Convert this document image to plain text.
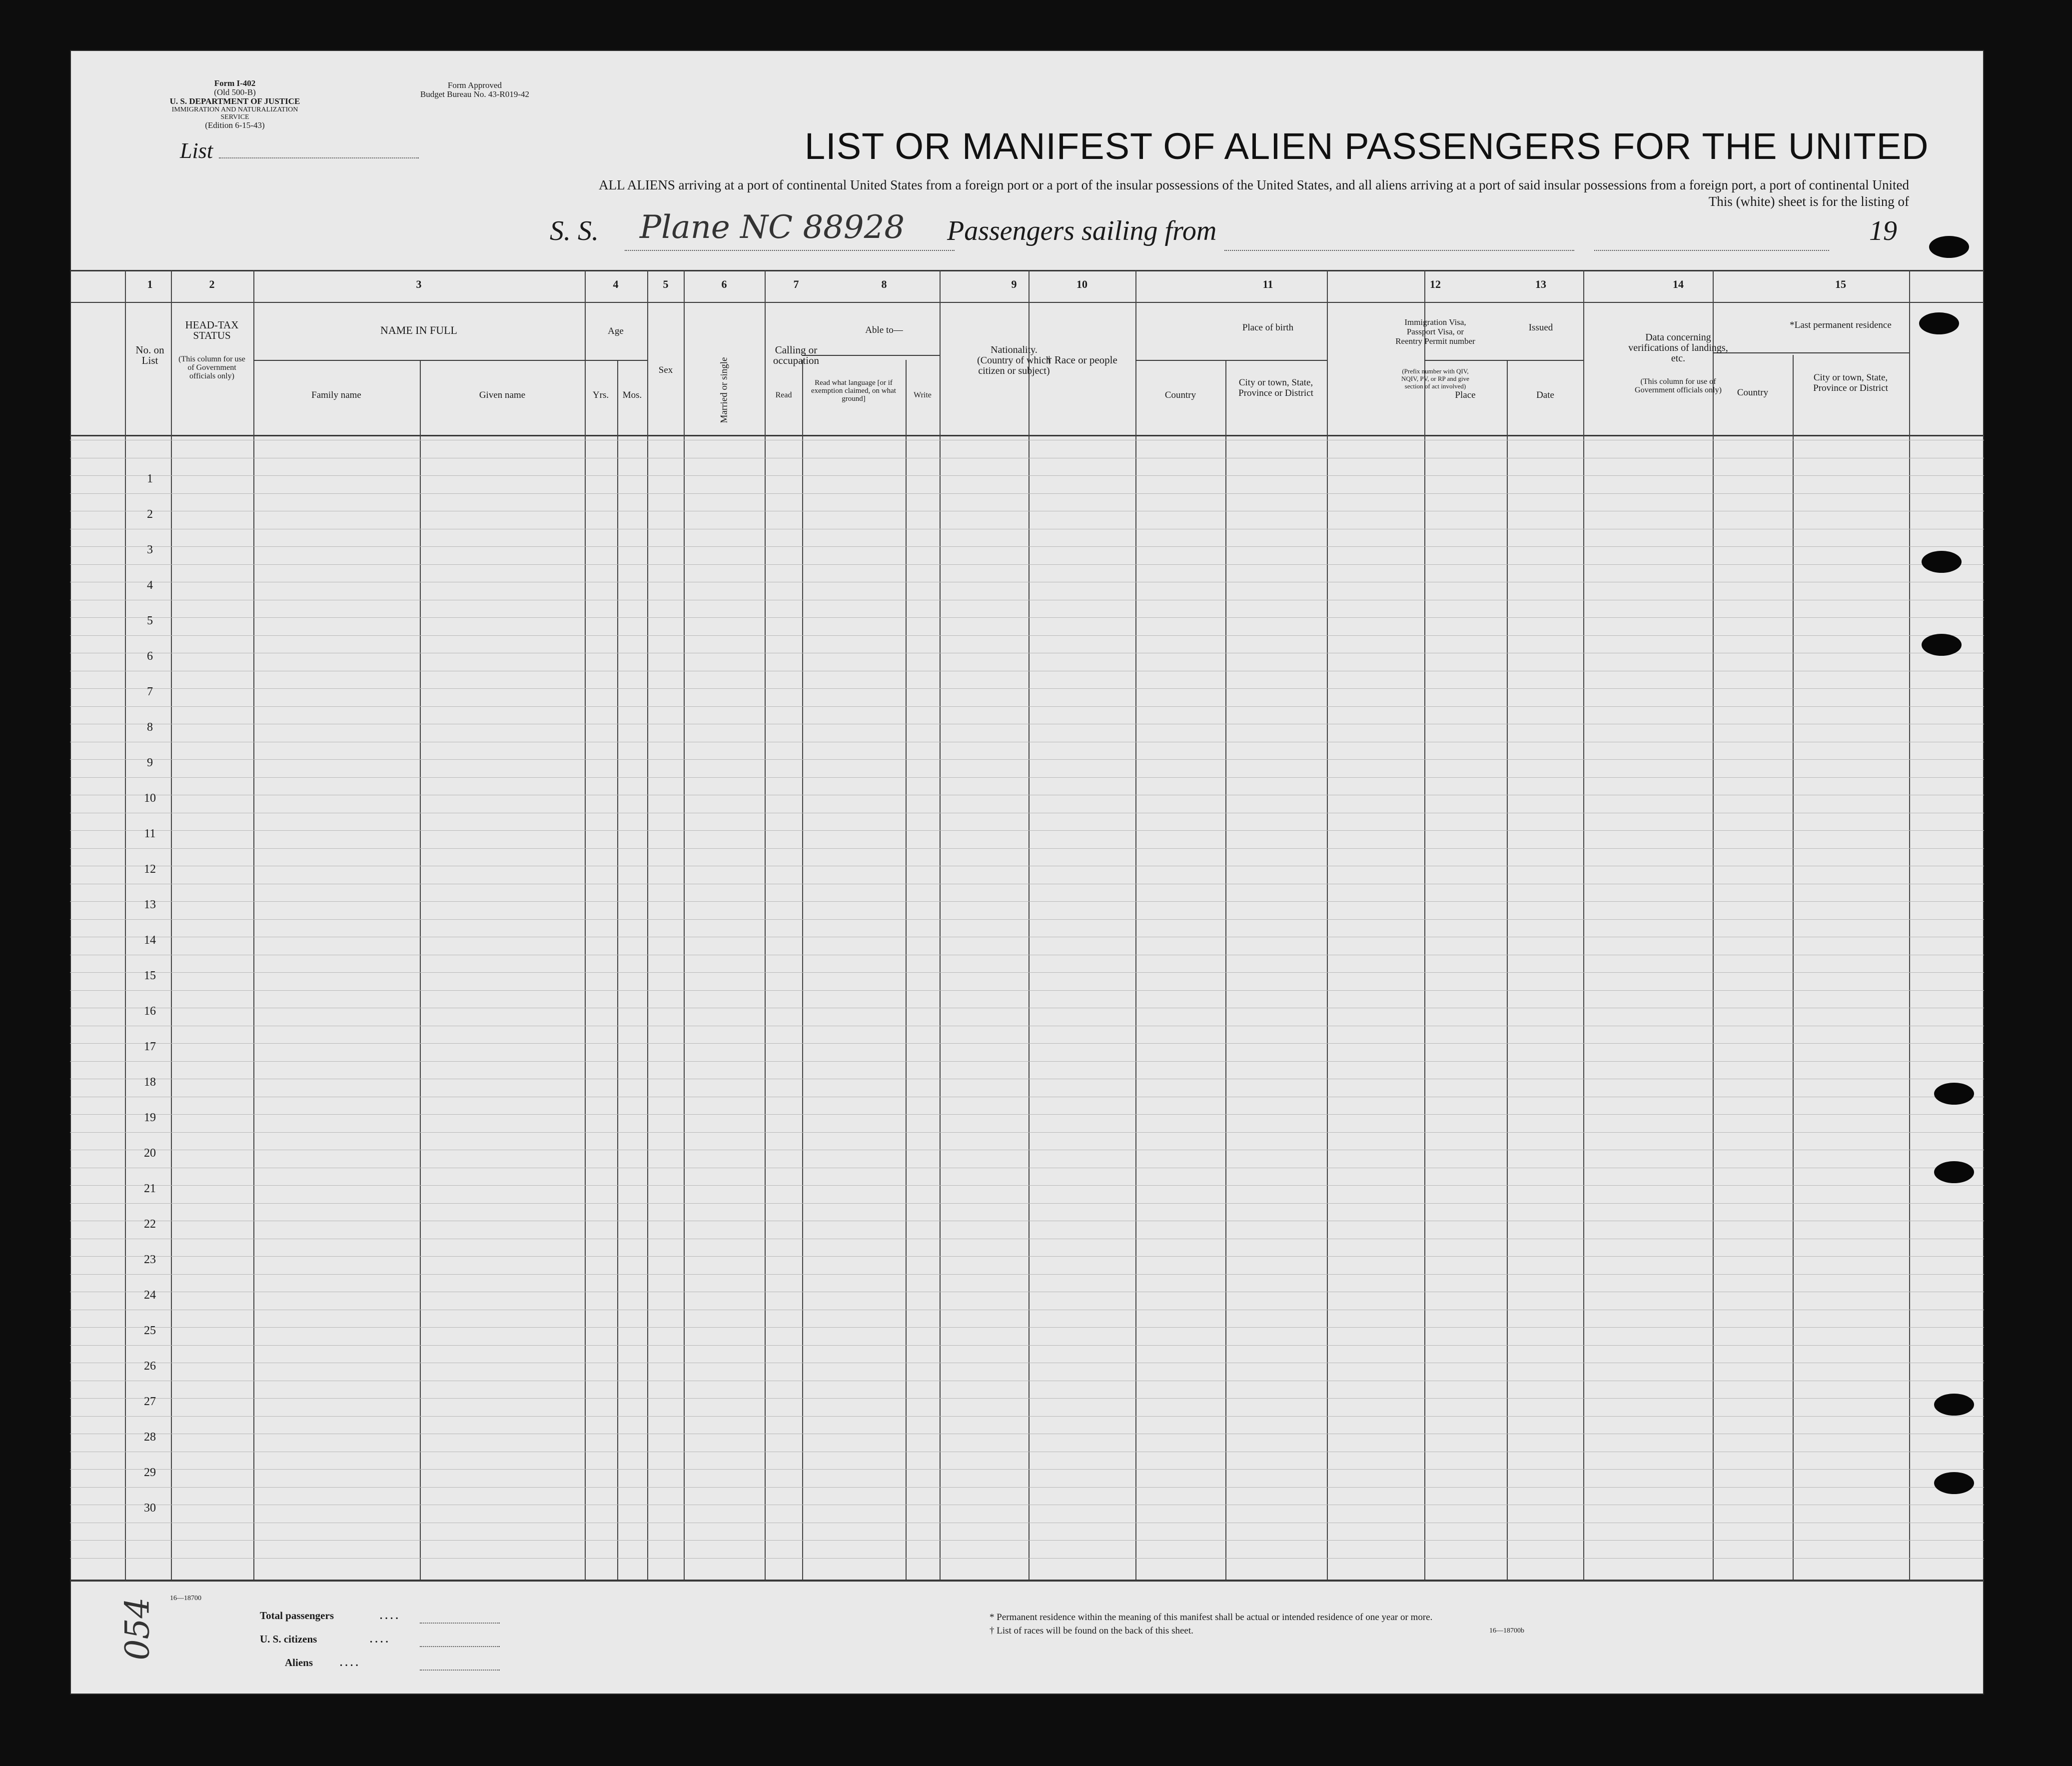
Form I-402
(Old 500-B)
U. S. DEPARTMENT OF JUSTICE
IMMIGRATION AND NATURALIZATION SERVICE
(Edition 6-15-43)
Form Approved
Budget Bureau No. 43-R019-42
List	LIST OR MANIFEST OF ALIEN PASSENGERS FOR THE UNITED
ALL ALIENS arriving at a port of continental United States from a foreign port or a port of the insular possessions of the United States, and all aliens arriving at a port of said insular possessions from a foreign port, a port of continental United
This (white) sheet is for the listing of
S. S. Plane NC 88928 Passengers sailing from	19
1	2	3	4	5	6	7	8	9	10	11	12	13	14	15
No. on List
HEAD-TAX STATUS
(This column for use of Government officials only)
NAME IN FULL
Family name	Given name
Age
Yrs.	Mos.
Sex	Married or single
Calling or occupation
Able to—
Read
Read what language [or if exemption claimed, on what ground]	Write
Nationality. (Country of which citizen or subject)
† Race or people
Place of birth
Country
City or town, State, Province or District
Immigration Visa, Passport Visa, or Reentry Permit number
(Prefix number with QIV, NQIV, PV, or RP and give section of act involved)
Issued
Place	Date
Data concerning verifications of landings, etc.
(This column for use of Government officials only)
*Last permanent residence
Country
City or town, State, Province or District
1
2
3
4
5
6
7
8
9
10
11
12
13
14
15
16
17
18
19
20
21
22
23
24
25
26
27
28
29
30
16—18700
Total passengers	. . . .
U. S. citizens	. . . .
Aliens	. . . .
* Permanent residence within the meaning of this manifest shall be actual or intended residence of one year or more.
† List of races will be found on the back of this sheet.	16—18700b
054
